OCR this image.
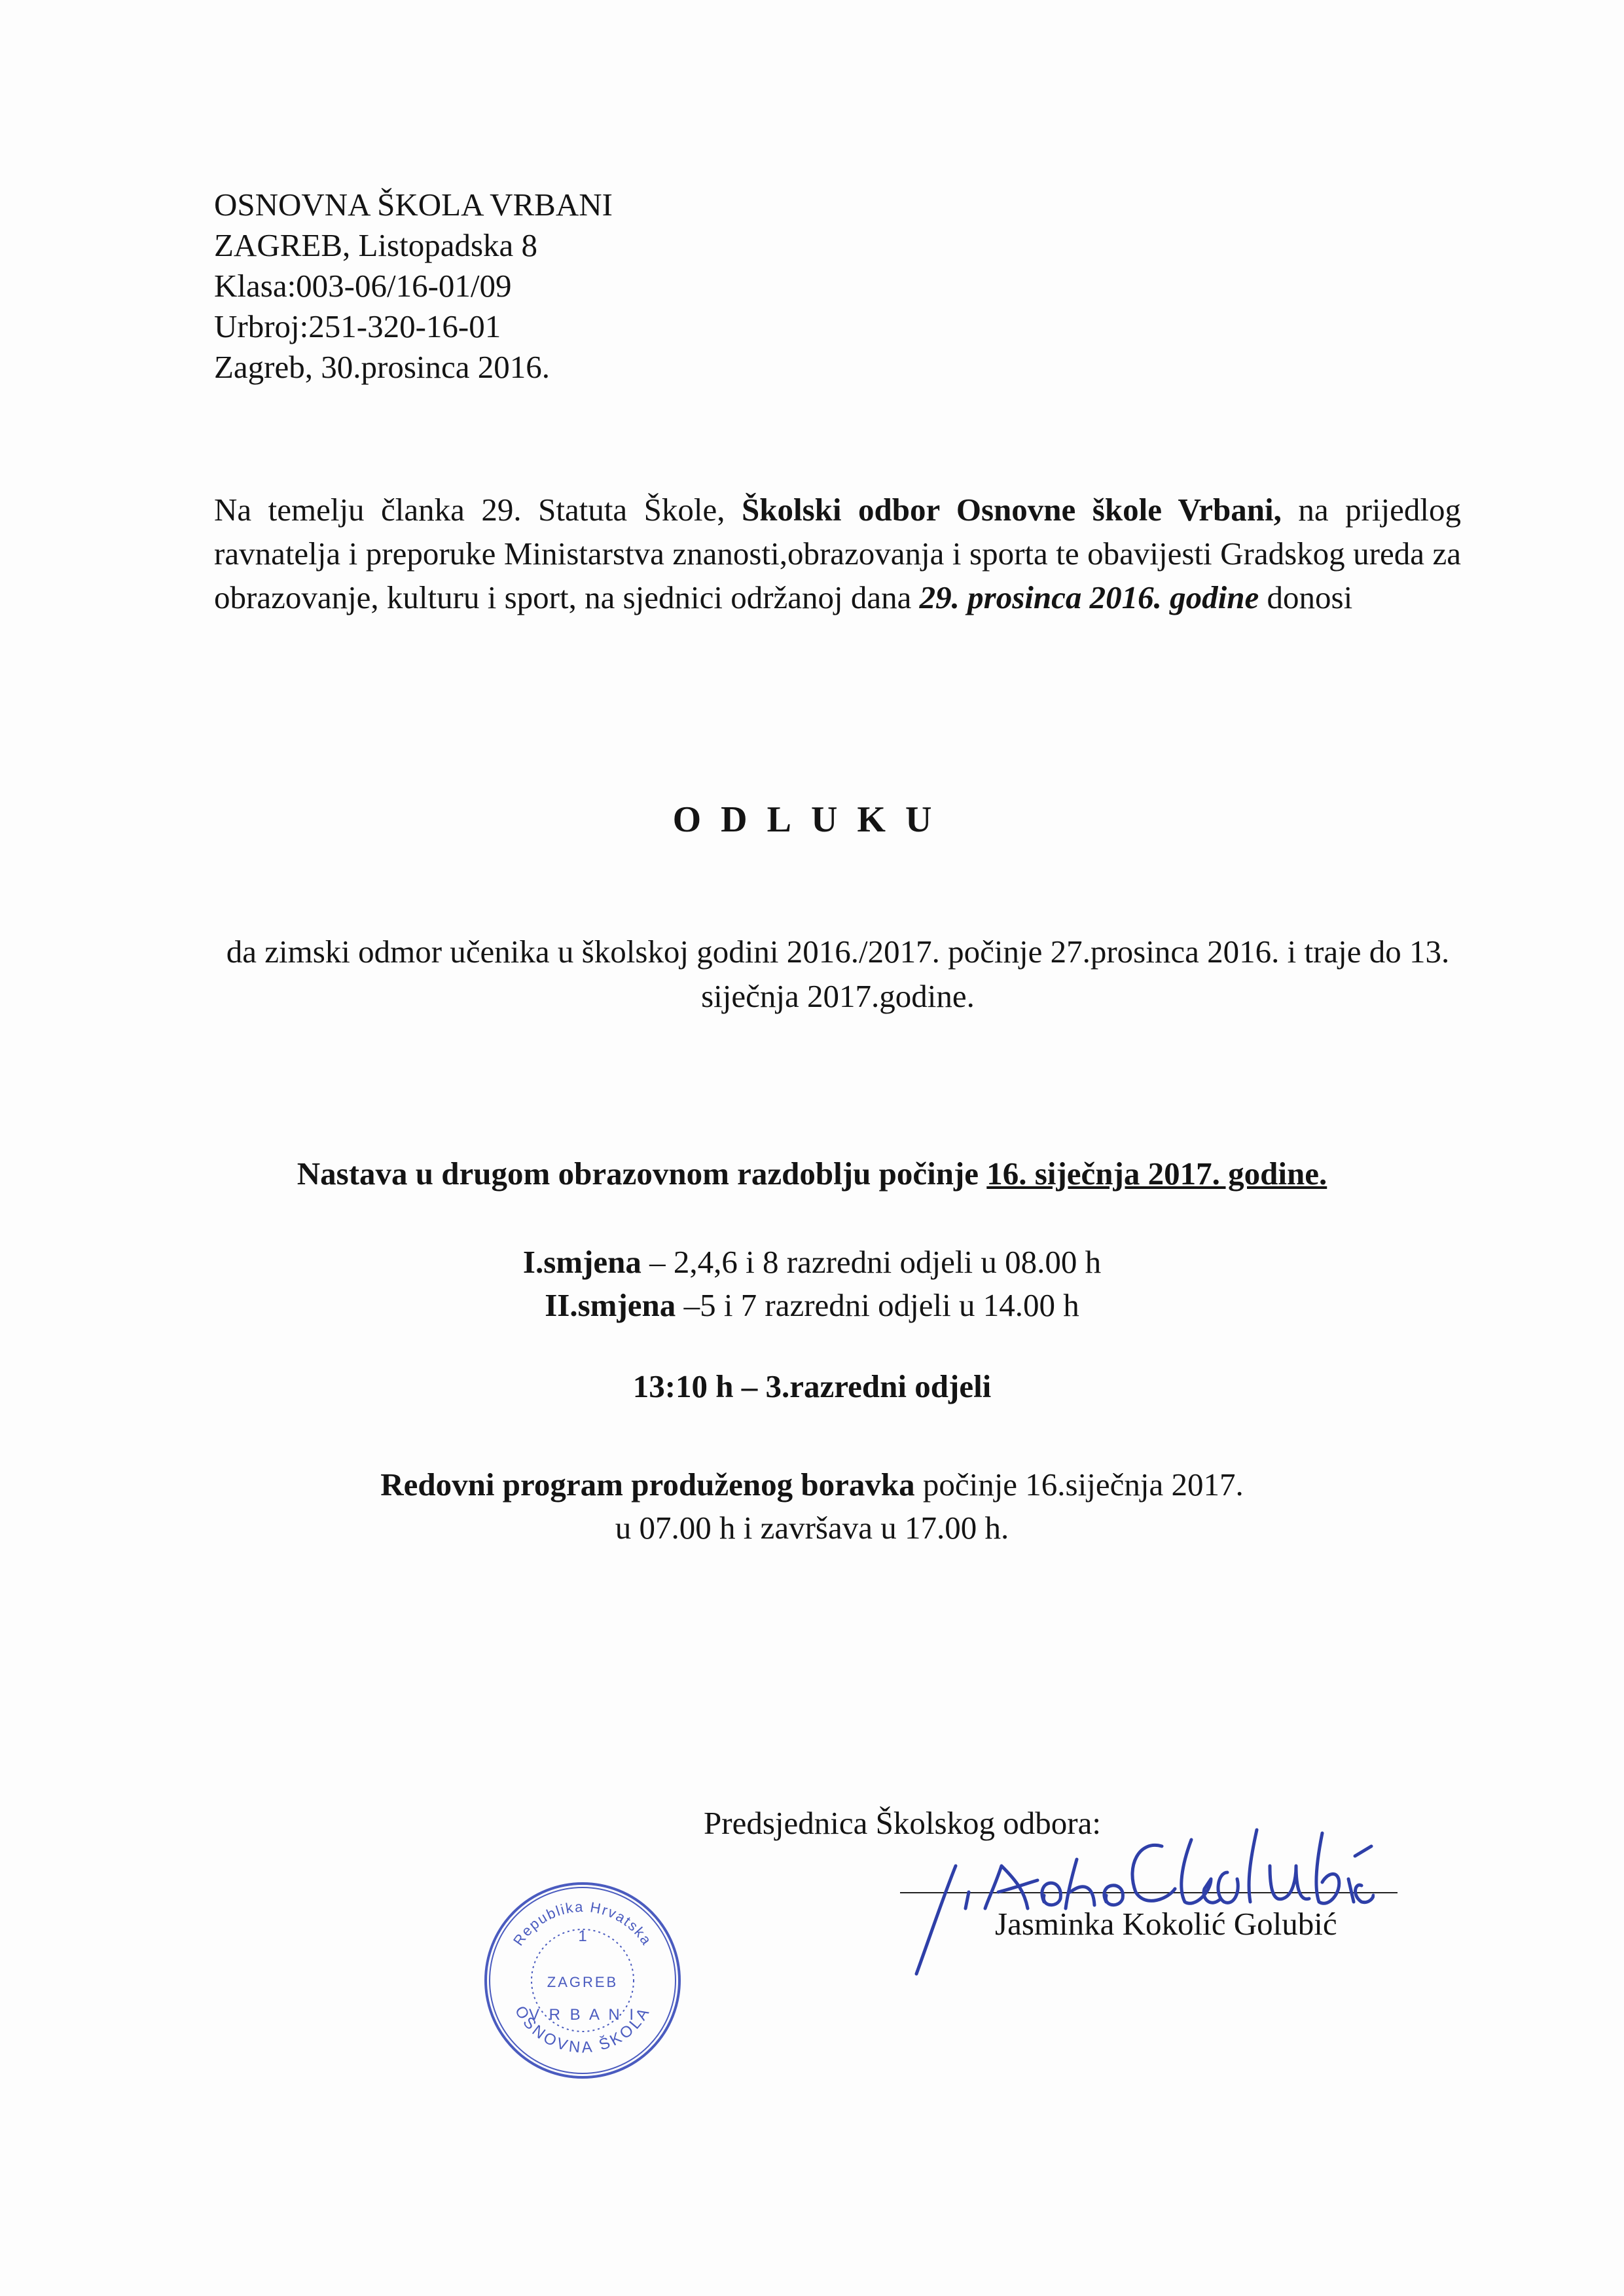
OSNOVNA ŠKOLA VRBANI
ZAGREB, Listopadska 8
Klasa:003-06/16-01/09
Urbroj:251-320-16-01
Zagreb, 30.prosinca 2016.
Na temelju članka 29. Statuta Škole, Školski odbor Osnovne škole Vrbani, na prijedlog ravnatelja i preporuke Ministarstva znanosti,obrazovanja i sporta te obavijesti Gradskog ureda za obrazovanje, kulturu i sport, na sjednici održanoj dana 29. prosinca 2016. godine donosi
ODLUKU
da zimski odmor učenika u školskoj godini 2016./2017. počinje 27.prosinca 2016. i traje do 13. siječnja 2017.godine.
Nastava u drugom obrazovnom razdoblju počinje 16. siječnja 2017. godine.
I.smjena – 2,4,6 i 8 razredni odjeli u 08.00 h
II.smjena –5 i 7 razredni odjeli u 14.00 h
13:10 h – 3.razredni odjeli
Redovni program produženog boravka počinje 16.siječnja 2017.
u 07.00 h i završava u 17.00 h.
Predsjednica Školskog odbora:
Jasminka Kokolić Golubić
Republika Hrvatska
1
ZAGREB
V R B A N I
OSNOVNA ŠKOLA
